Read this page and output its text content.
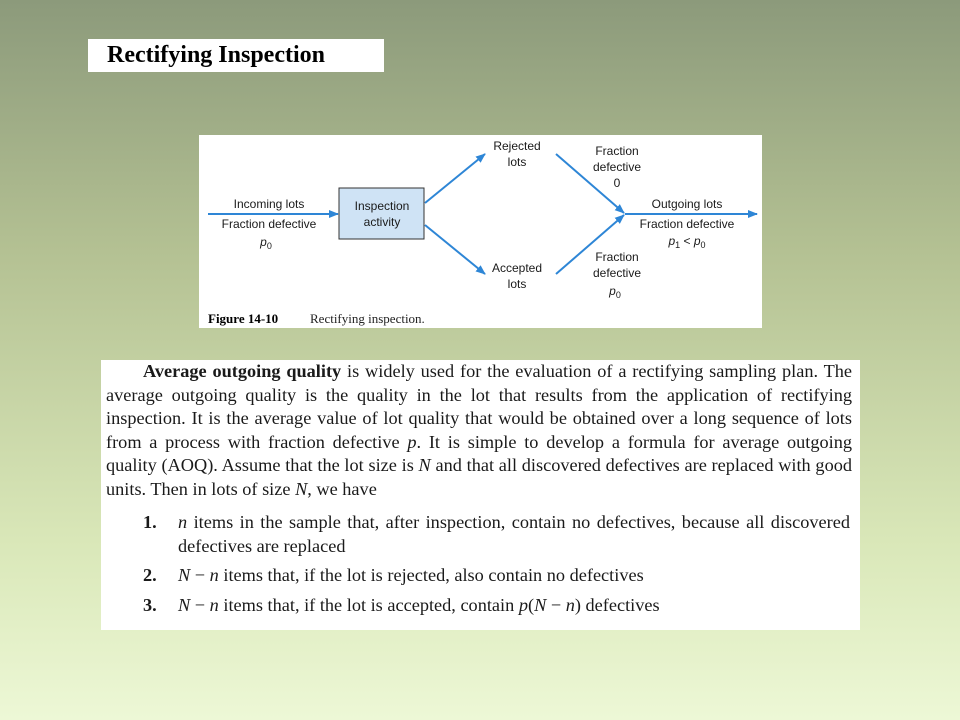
Rectifying Inspection
Incoming lots
Fraction defective
$p_0$
Inspection
activity
Rejected
lots
Accepted
lots
Fraction
defective
0
Fraction
defective
$p_0$
Outgoing lots
Fraction defective
$p_1 < p_0$
Figure 14-10 Rectifying inspection.

Average outgoing quality is widely used for the evaluation of a rectifying sampling plan. The average outgoing quality is the quality in the lot that results from the application of rectifying inspection. It is the average value of lot quality that would be obtained over a long sequence of lots from a process with fraction defective p. It is simple to develop a formula for average outgoing quality (AOQ). Assume that the lot size is N and that all discovered defectives are replaced with good units. Then in lots of size N, we have

1. n items in the sample that, after inspection, contain no defectives, because all discovered defectives are replaced
2. N − n items that, if the lot is rejected, also contain no defectives
3. N − n items that, if the lot is accepted, contain p(N − n) defectives
